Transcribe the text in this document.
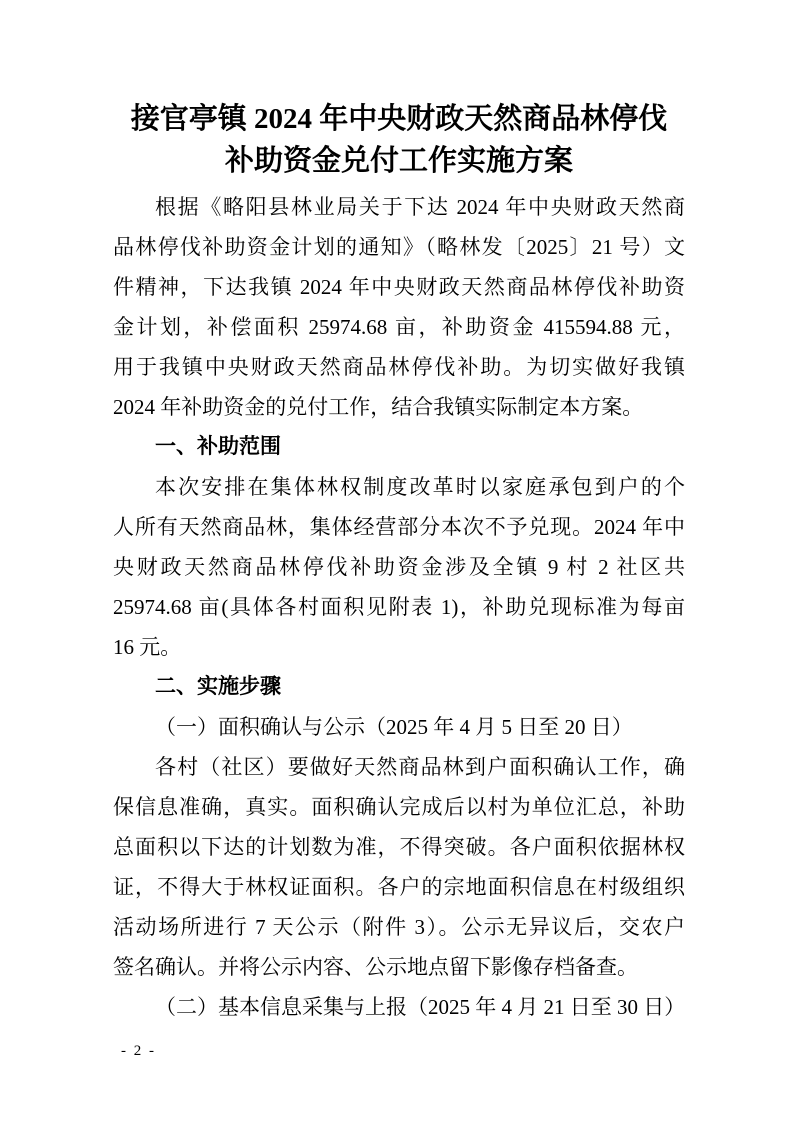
接官亭镇 2024 年中央财政天然商品林停伐
补助资金兑付工作实施方案
根据《略阳县林业局关于下达 2024 年中央财政天然商
品林停伐补助资金计划的通知》（略林发〔2025〕21 号）文
件精神，下达我镇 2024 年中央财政天然商品林停伐补助资
金计划，补偿面积 25974.68 亩，补助资金 415594.88 元，
用于我镇中央财政天然商品林停伐补助。为切实做好我镇
2024 年补助资金的兑付工作，结合我镇实际制定本方案。
一、补助范围
本次安排在集体林权制度改革时以家庭承包到户的个
人所有天然商品林，集体经营部分本次不予兑现。2024 年中
央财政天然商品林停伐补助资金涉及全镇 9 村 2 社区共
25974.68 亩(具体各村面积见附表 1)，补助兑现标准为每亩
16 元。
二、实施步骤
（一）面积确认与公示（2025 年 4 月 5 日至 20 日）
各村（社区）要做好天然商品林到户面积确认工作，确
保信息准确，真实。面积确认完成后以村为单位汇总，补助
总面积以下达的计划数为准，不得突破。各户面积依据林权
证，不得大于林权证面积。各户的宗地面积信息在村级组织
活动场所进行 7 天公示（附件 3）。公示无异议后，交农户
签名确认。并将公示内容、公示地点留下影像存档备查。
（二）基本信息采集与上报（2025 年 4 月 21 日至 30 日）
- 2 -
